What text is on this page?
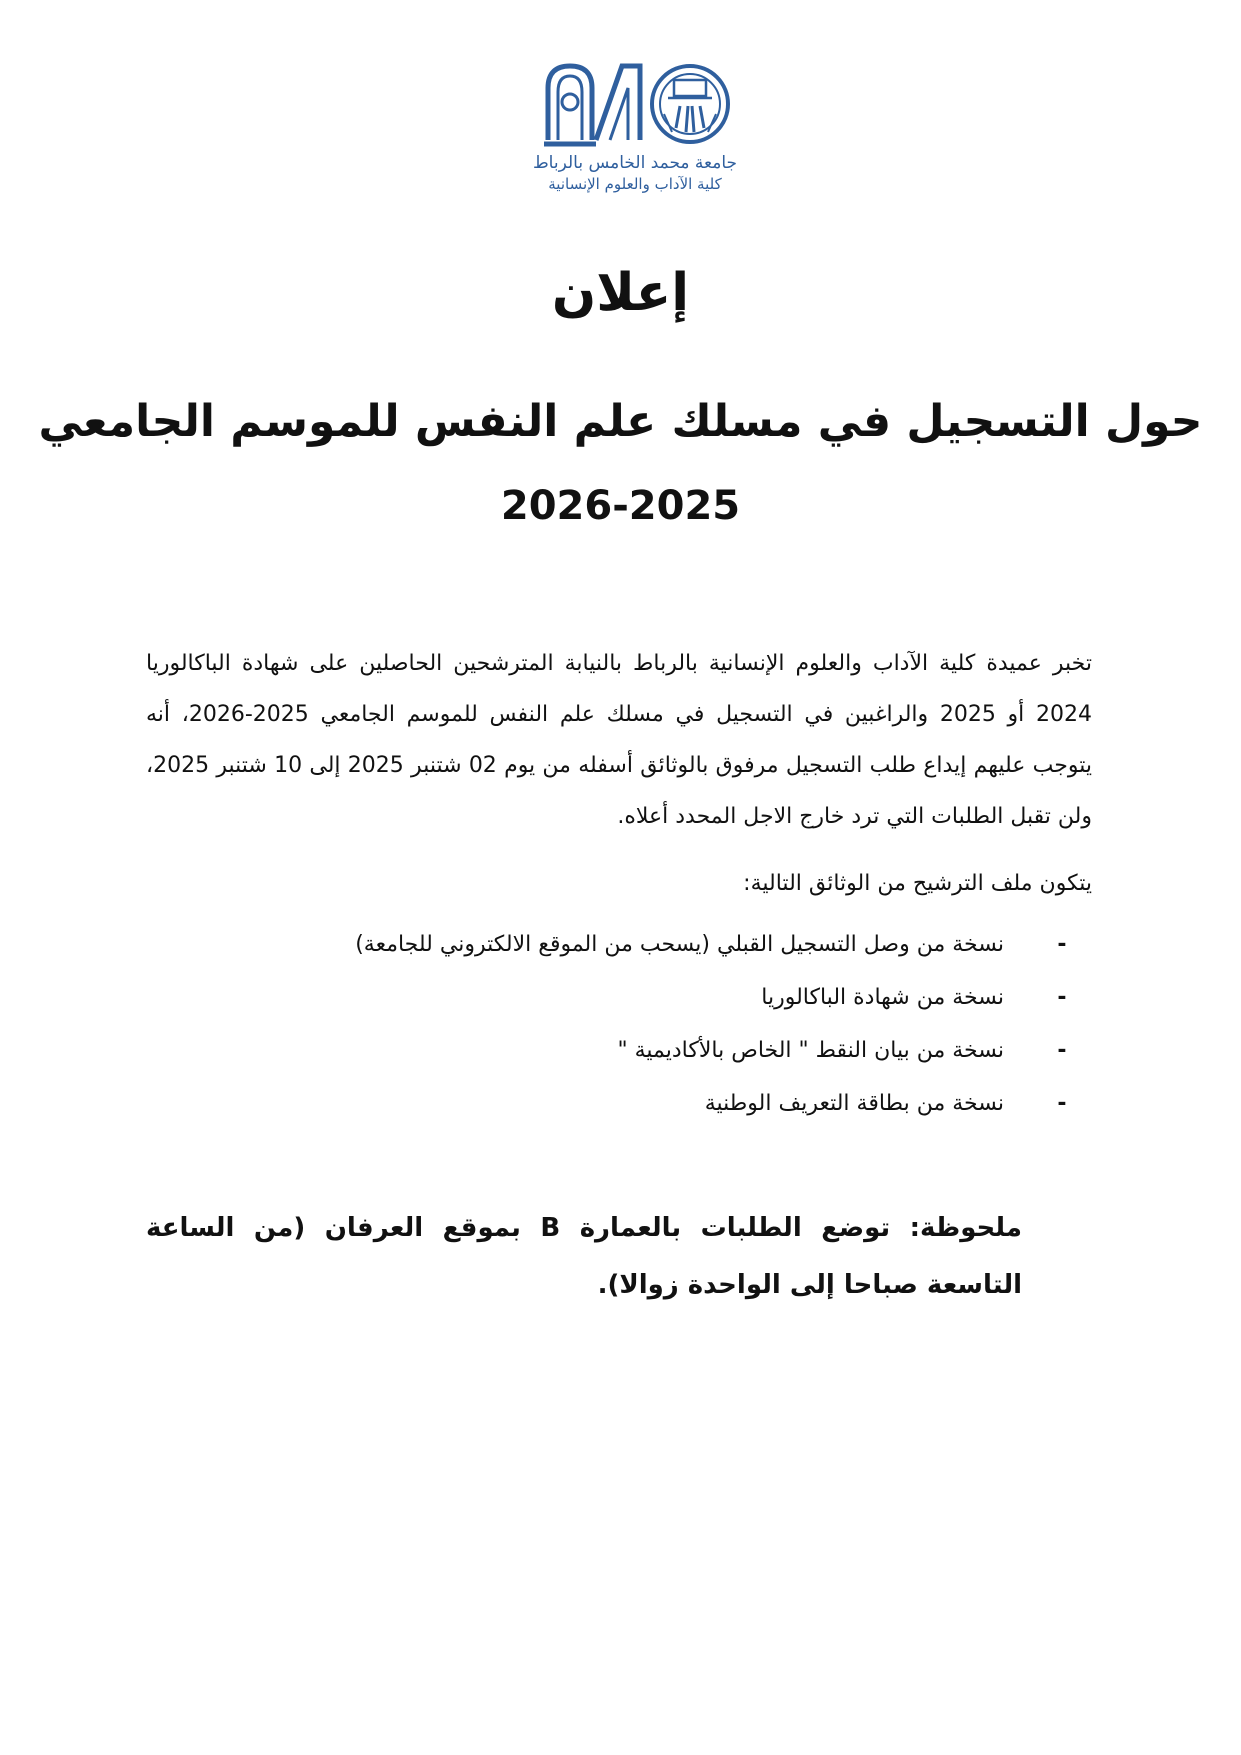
جامعة محمد الخامس بالرباط
كلية الآداب والعلوم الإنسانية
إعلان
حول التسجيل في مسلك علم النفس للموسم الجامعي
2026-2025

تخبر عميدة كلية الآداب والعلوم الإنسانية بالرباط بالنيابة المترشحين الحاصلين على شهادة الباكالوريا 2024 أو 2025 والراغبين في التسجيل في مسلك علم النفس للموسم الجامعي 2025-2026، أنه يتوجب عليهم إيداع طلب التسجيل مرفوق بالوثائق أسفله من يوم 02 شتنبر 2025 إلى 10 شتنبر 2025، ولن تقبل الطلبات التي ترد خارج الاجل المحدد أعلاه.

يتكون ملف الترشيح من الوثائق التالية:

-
نسخة من وصل التسجيل القبلي (يسحب من الموقع الالكتروني للجامعة)
-
نسخة من شهادة الباكالوريا
-
نسخة من بيان النقط " الخاص بالأكاديمية "
-
نسخة من بطاقة التعريف الوطنية

ملحوظة: توضع الطلبات بالعمارة B بموقع العرفان (من الساعة التاسعة صباحا إلى الواحدة زوالا).
